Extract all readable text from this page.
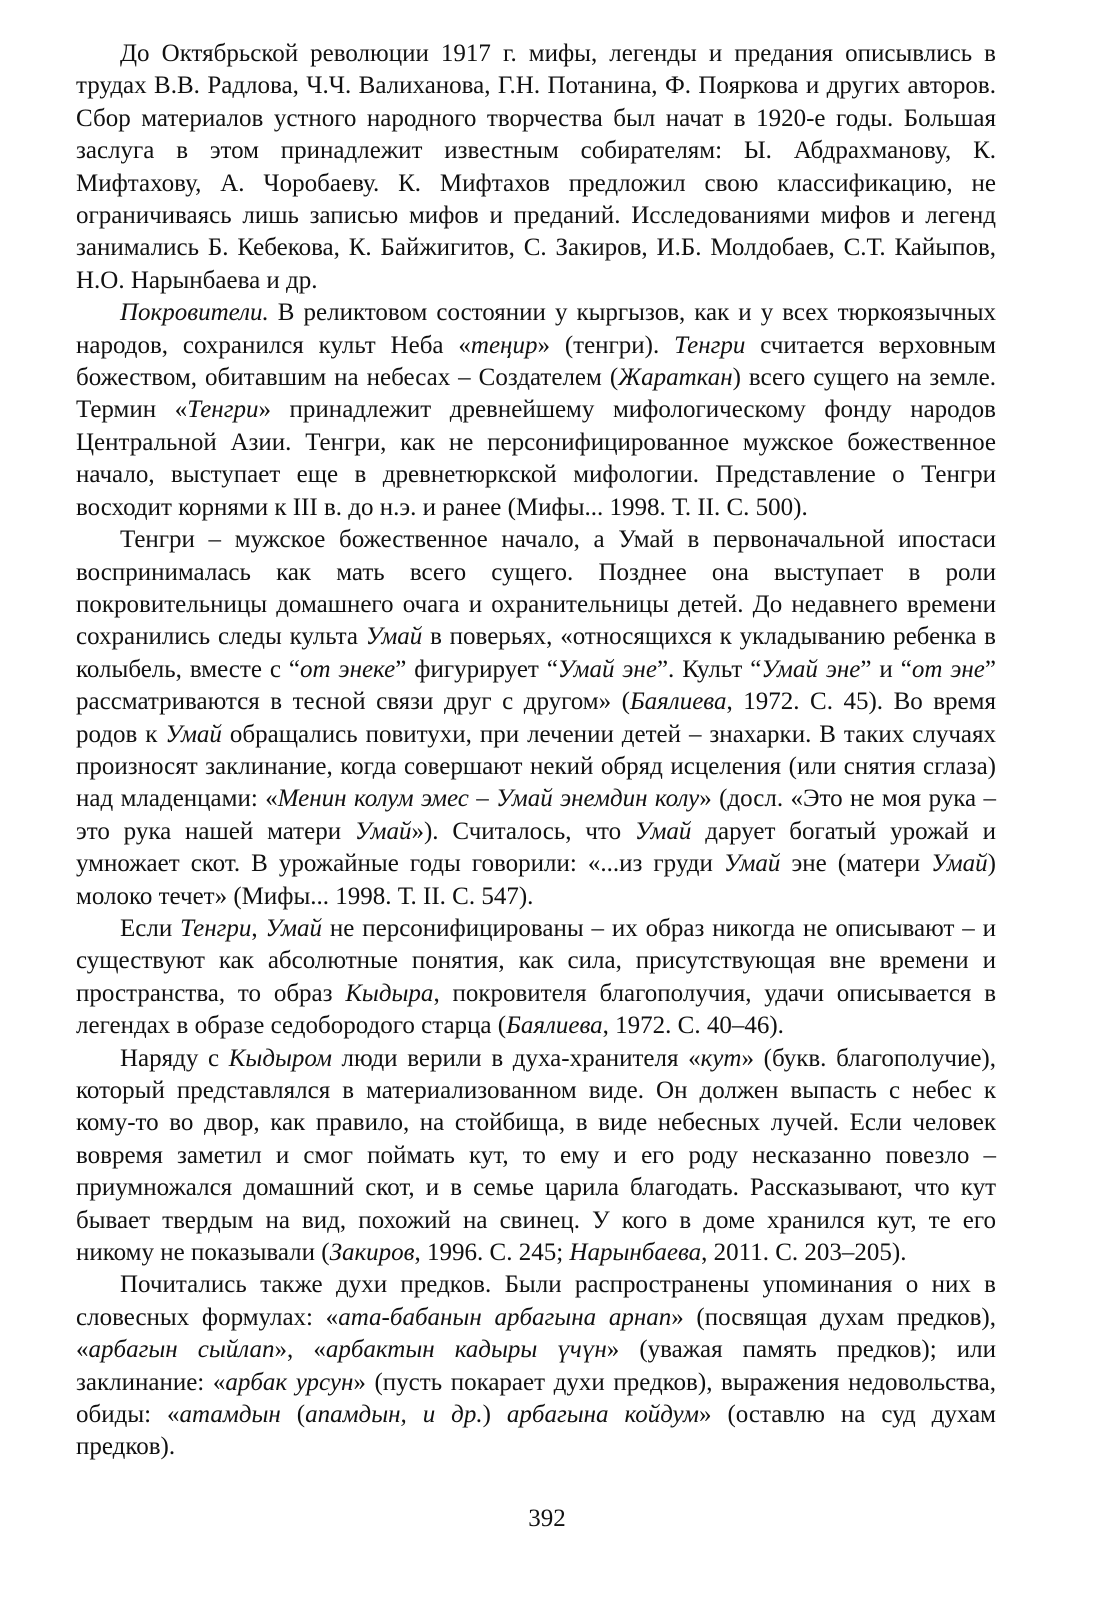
До Октябрьской революции 1917 г. мифы, легенды и предания описывлись в трудах В.В. Радлова, Ч.Ч. Валиханова, Г.Н. Потанина, Ф. Пояркова и других авторов. Сбор материалов устного народного творчества был начат в 1920-е годы. Большая заслуга в этом принадлежит известным собирателям: Ы. Абдрахманову, К. Мифтахову, А. Чоробаеву. К. Мифтахов предложил свою классификацию, не ограничиваясь лишь записью мифов и преданий. Исследованиями мифов и легенд занимались Б. Кебекова, К. Байжигитов, С. Закиров, И.Б. Молдобаев, С.Т. Кайыпов, Н.О. Нарынбаева и др.

Покровители. В реликтовом состоянии у кыргызов, как и у всех тюркоязычных народов, сохранился культ Неба «теңир» (тенгри). Тенгри считается верховным божеством, обитавшим на небесах – Создателем (Жараткан) всего сущего на земле. Термин «Тенгри» принадлежит древнейшему мифологическому фонду народов Центральной Азии. Тенгри, как не персонифицированное мужское божественное начало, выступает еще в древнетюркской мифологии. Представление о Тенгри восходит корнями к III в. до н.э. и ранее (Мифы... 1998. Т. II. С. 500).

Тенгри – мужское божественное начало, а Умай в первоначальной ипостаси воспринималась как мать всего сущего. Позднее она выступает в роли покровительницы домашнего очага и охранительницы детей. До недавнего времени сохранились следы культа Умай в поверьях, «относящихся к укладыванию ребенка в колыбель, вместе с “от энеке” фигурирует “Умай эне”. Культ “Умай эне” и “от эне” рассматриваются в тесной связи друг с другом» (Баялиева, 1972. С. 45). Во время родов к Умай обращались повитухи, при лечении детей – знахарки. В таких случаях произносят заклинание, когда совершают некий обряд исцеления (или снятия сглаза) над младенцами: «Менин колум эмес – Умай энемдин колу» (досл. «Это не моя рука – это рука нашей матери Умай»). Считалось, что Умай дарует богатый урожай и умножает скот. В урожайные годы говорили: «...из груди Умай эне (матери Умай) молоко течет» (Мифы... 1998. Т. II. С. 547).

Если Тенгри, Умай не персонифицированы – их образ никогда не описывают – и существуют как абсолютные понятия, как сила, присутствующая вне времени и пространства, то образ Кыдыра, покровителя благополучия, удачи описывается в легендах в образе седобородого старца (Баялиева, 1972. С. 40–46).

Наряду с Кыдыром люди верили в духа-хранителя «кут» (букв. благополучие), который представлялся в материализованном виде. Он должен выпасть с небес к кому-то во двор, как правило, на стойбища, в виде небесных лучей. Если человек вовремя заметил и смог поймать кут, то ему и его роду несказанно повезло – приумножался домашний скот, и в семье царила благодать. Рассказывают, что кут бывает твердым на вид, похожий на свинец. У кого в доме хранился кут, те его никому не показывали (Закиров, 1996. С. 245; Нарынбаева, 2011. С. 203–205).

Почитались также духи предков. Были распространены упоминания о них в словесных формулах: «ата-бабанын арбагына арнап» (посвящая духам предков), «арбагын сыйлап», «арбактын кадыры үчүн» (уважая память предков); или заклинание: «арбак урсун» (пусть покарает духи предков), выражения недовольства, обиды: «атамдын (апамдын, и др.) арбагына койдум» (оставлю на суд духам предков).

392
